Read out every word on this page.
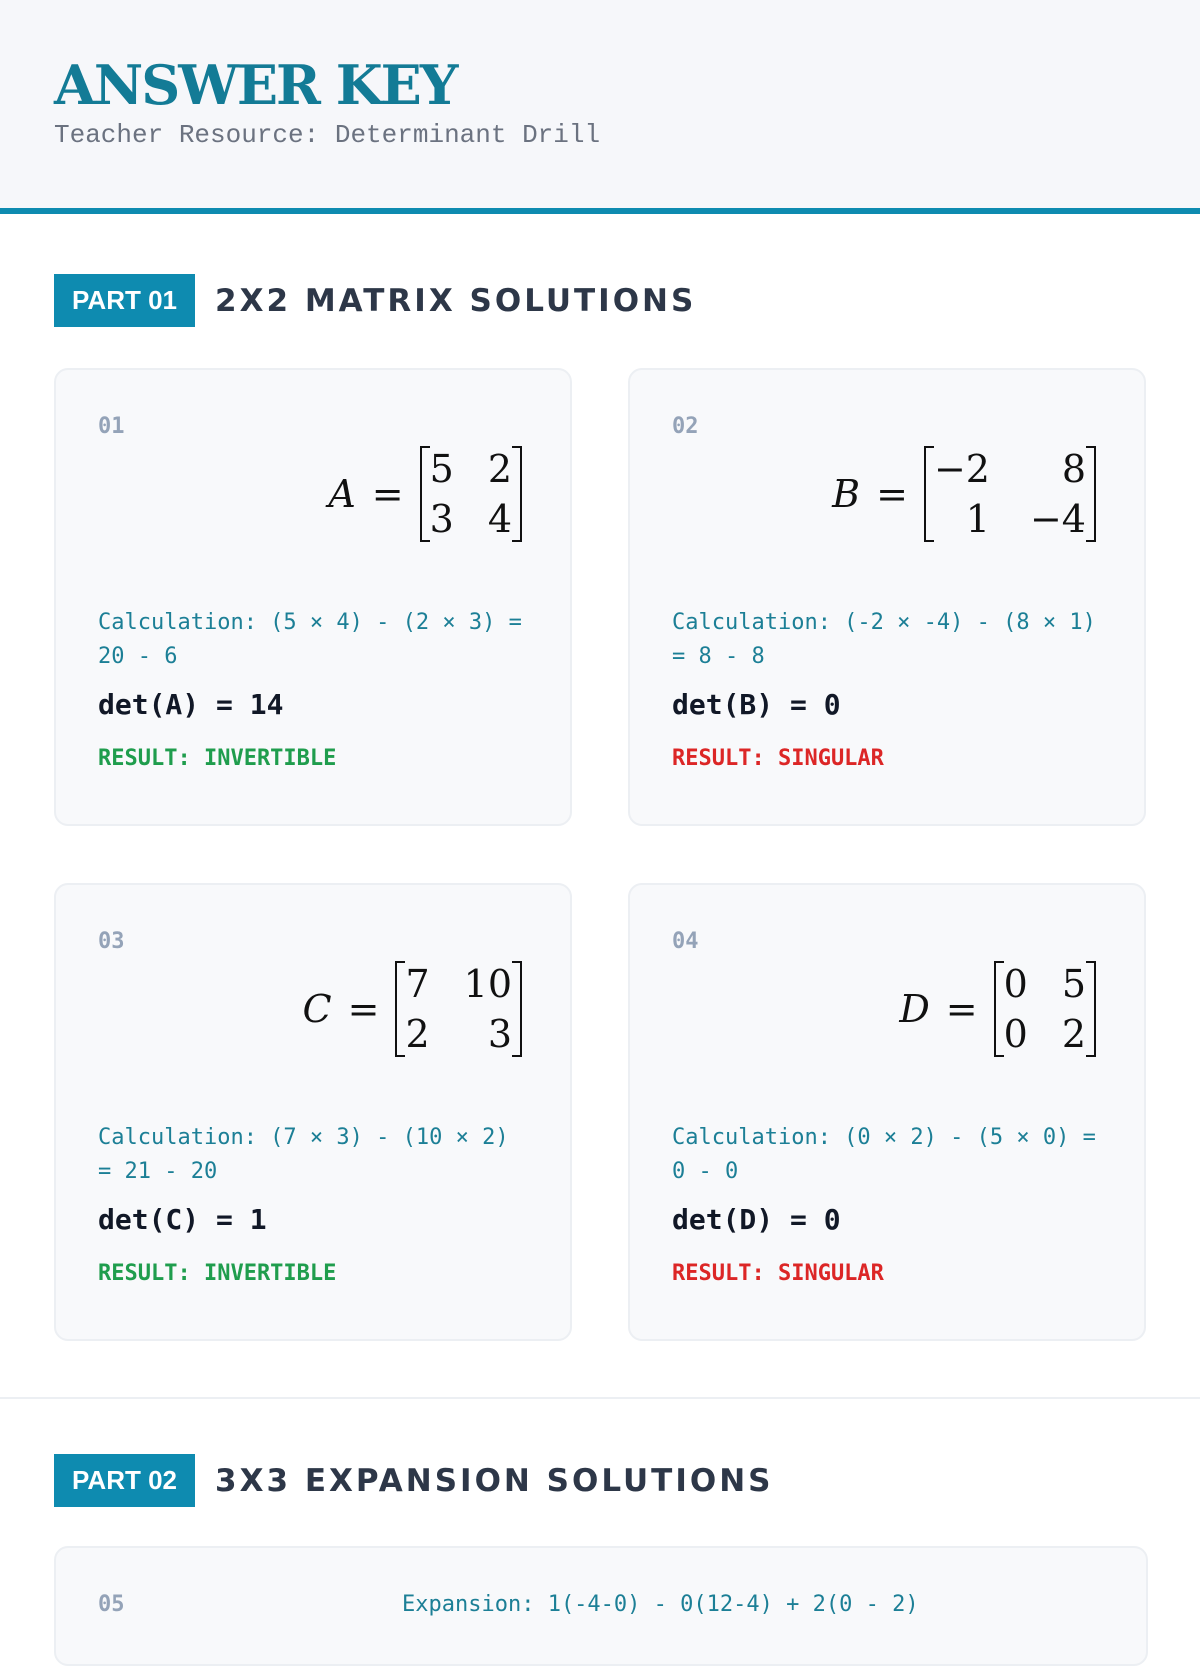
ANSWER KEY
Teacher Resource: Determinant Drill
PART 01	2X2 MATRIX SOLUTIONS
01
A =
5 2
3 4
Calculation: (5 × 4) - (2 × 3) = 20 - 6
det(A) = 14
RESULT: INVERTIBLE
02
B =
−2 8
1 −4
Calculation: (-2 × -4) - (8 × 1) = 8 - 8
det(B) = 0
RESULT: SINGULAR
03
C =
7 10
2 3
Calculation: (7 × 3) - (10 × 2) = 21 - 20
det(C) = 1
RESULT: INVERTIBLE
04
D =
0 5
0 2
Calculation: (0 × 2) - (5 × 0) = 0 - 0
det(D) = 0
RESULT: SINGULAR
PART 02	3X3 EXPANSION SOLUTIONS
05	Expansion: 1(-4-0) - 0(12-4) + 2(0 - 2)
